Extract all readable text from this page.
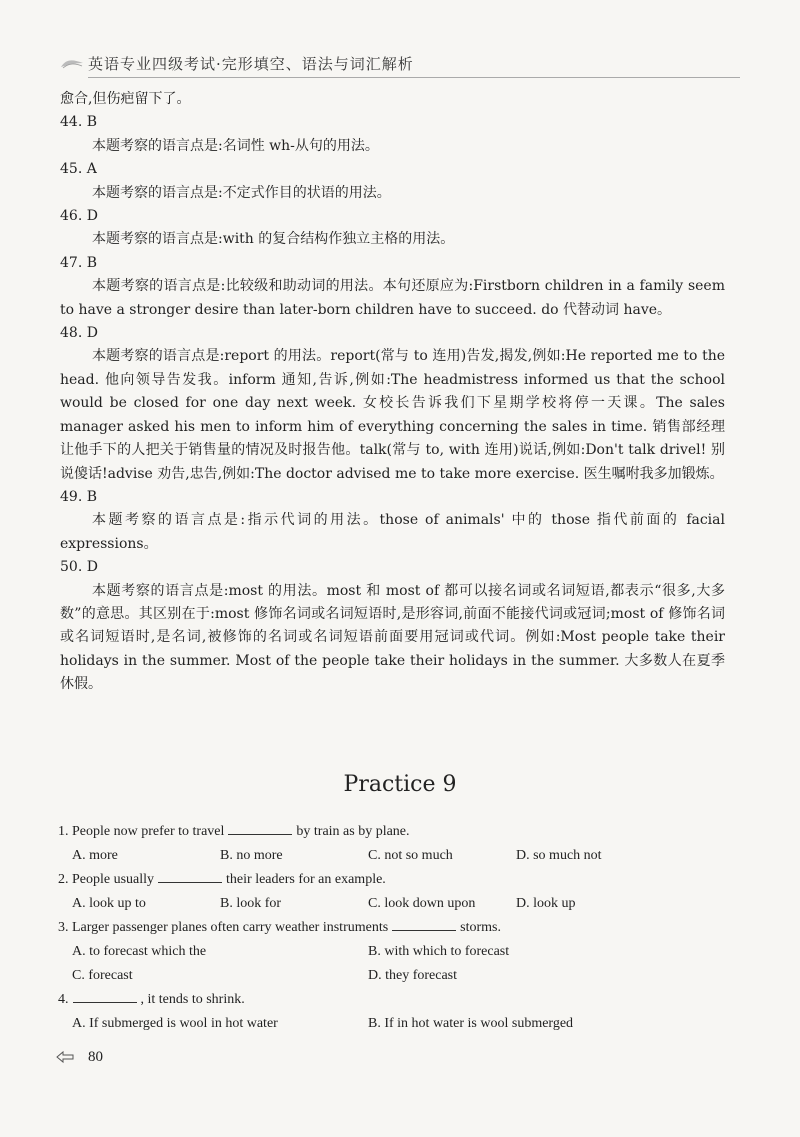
英语专业四级考试·完形填空、语法与词汇解析

愈合,但伤疤留下了。

44. B

本题考察的语言点是:名词性 wh-从句的用法。

45. A

本题考察的语言点是:不定式作目的状语的用法。

46. D

本题考察的语言点是:with 的复合结构作独立主格的用法。

47. B

本题考察的语言点是:比较级和助动词的用法。本句还原应为:Firstborn children in a family seem to have a stronger desire than later-born children have to succeed. do 代替动词 have。

48. D

本题考察的语言点是:report 的用法。report(常与 to 连用)告发,揭发,例如:He reported me to the head. 他向领导告发我。inform 通知,告诉,例如:The headmistress informed us that the school would be closed for one day next week. 女校长告诉我们下星期学校将停一天课。The sales manager asked his men to inform him of everything concerning the sales in time. 销售部经理让他手下的人把关于销售量的情况及时报告他。talk(常与 to, with 连用)说话,例如:Don't talk drivel! 别说傻话!advise 劝告,忠告,例如:The doctor advised me to take more exercise. 医生嘱咐我多加锻炼。

49. B

本题考察的语言点是:指示代词的用法。those of animals' 中的 those 指代前面的 facial expressions。

50. D

本题考察的语言点是:most 的用法。most 和 most of 都可以接名词或名词短语,都表示“很多,大多数”的意思。其区别在于:most 修饰名词或名词短语时,是形容词,前面不能接代词或冠词;most of 修饰名词或名词短语时,是名词,被修饰的名词或名词短语前面要用冠词或代词。例如:Most people take their holidays in the summer. Most of the people take their holidays in the summer. 大多数人在夏季休假。

Practice 9
1. People now prefer to travel	by train as by plane.
A. more	B. no more	C. not so much	D. so much not
2. People usually	their leaders for an example.
A. look up to	B. look for	C. look down upon	D. look up
3. Larger passenger planes often carry weather instruments	storms.
A. to forecast which the	B. with which to forecast
C. forecast	D. they forecast
4.	, it tends to shrink.
A. If submerged is wool in hot water	B. If in hot water is wool submerged
80
